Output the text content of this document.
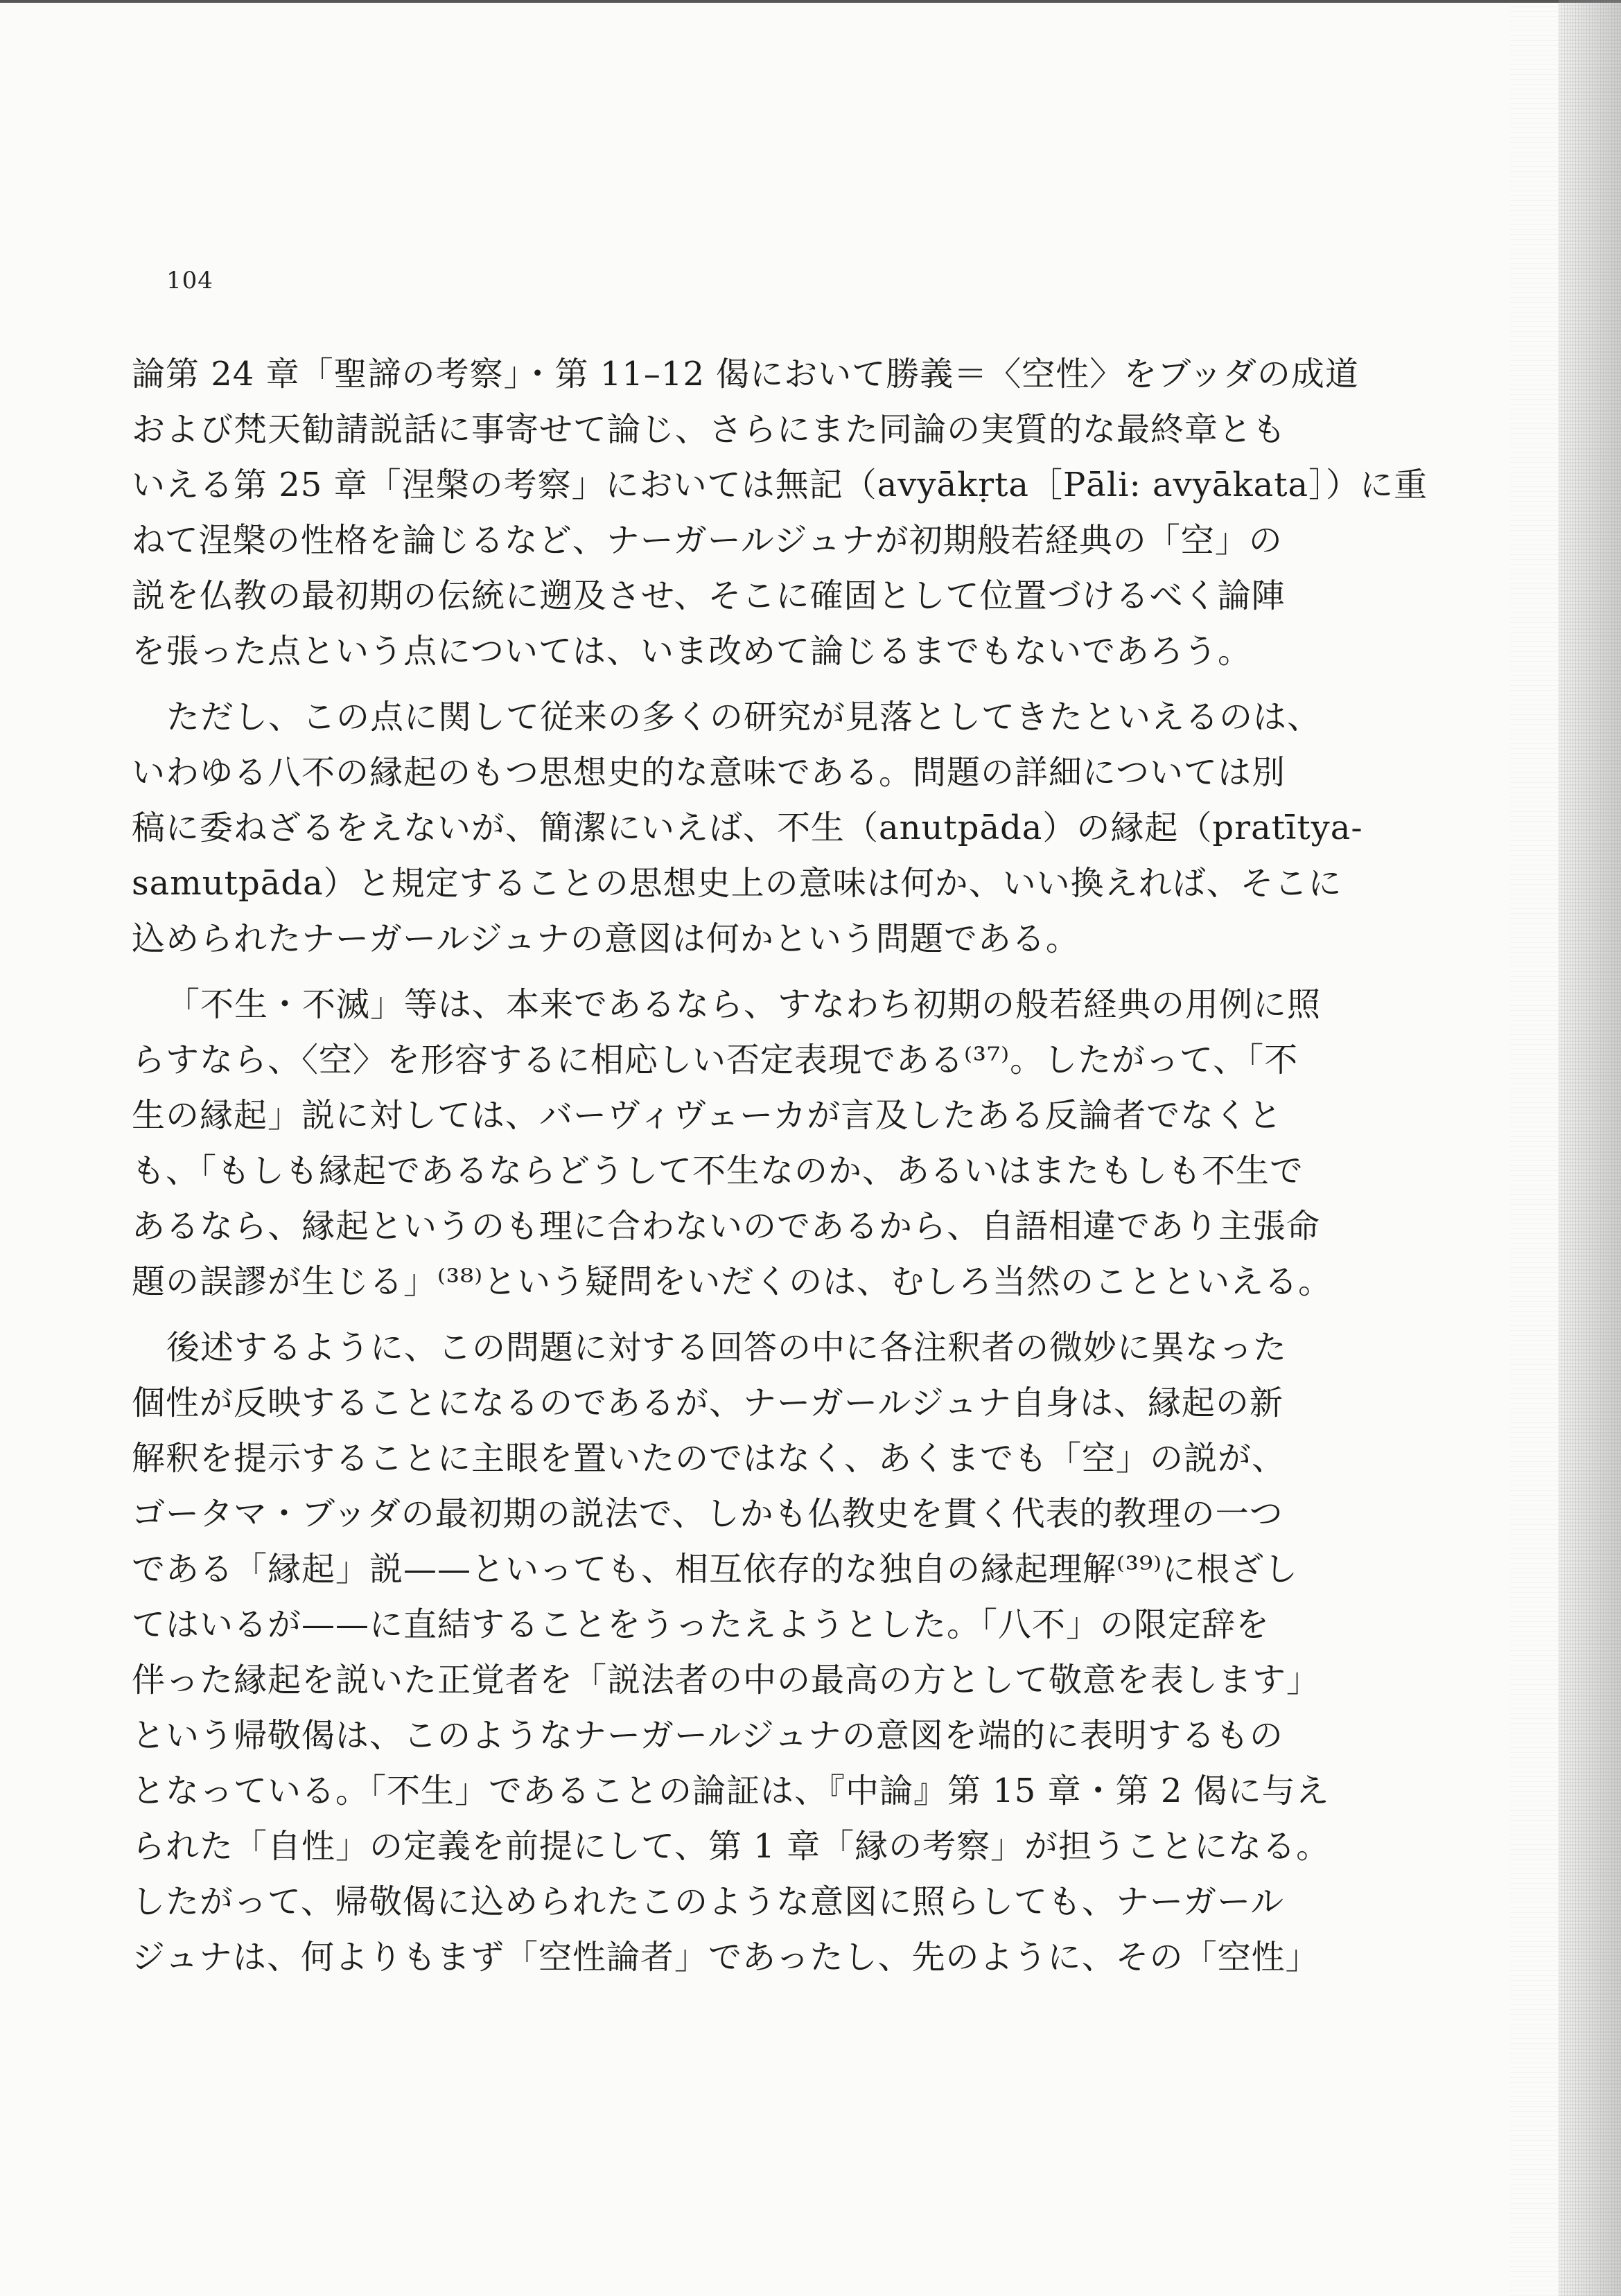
104
論第 24 章「聖諦の考察」・第 11–12 偈において勝義＝〈空性〉をブッダの成道
および梵天勧請説話に事寄せて論じ、さらにまた同論の実質的な最終章とも
いえる第 25 章「涅槃の考察」においては無記（avyākṛta［Pāli: avyākata］）に重
ねて涅槃の性格を論じるなど、ナーガールジュナが初期般若経典の「空」の
説を仏教の最初期の伝統に遡及させ、そこに確固として位置づけるべく論陣
を張った点という点については、いま改めて論じるまでもないであろう。
ただし、この点に関して従来の多くの研究が見落としてきたといえるのは、
いわゆる八不の縁起のもつ思想史的な意味である。問題の詳細については別
稿に委ねざるをえないが、簡潔にいえば、不生（anutpāda）の縁起（pratītya-
samutpāda）と規定することの思想史上の意味は何か、いい換えれば、そこに
込められたナーガールジュナの意図は何かという問題である。
「不生・不滅」等は、本来であるなら、すなわち初期の般若経典の用例に照
らすなら、〈空〉を形容するに相応しい否定表現である⁽³⁷⁾。したがって、「不
生の縁起」説に対しては、バーヴィヴェーカが言及したある反論者でなくと
も、「もしも縁起であるならどうして不生なのか、あるいはまたもしも不生で
あるなら、縁起というのも理に合わないのであるから、自語相違であり主張命
題の誤謬が生じる」⁽³⁸⁾という疑問をいだくのは、むしろ当然のことといえる。
後述するように、この問題に対する回答の中に各注釈者の微妙に異なった
個性が反映することになるのであるが、ナーガールジュナ自身は、縁起の新
解釈を提示することに主眼を置いたのではなく、あくまでも「空」の説が、
ゴータマ・ブッダの最初期の説法で、しかも仏教史を貫く代表的教理の一つ
である「縁起」説——といっても、相互依存的な独自の縁起理解⁽³⁹⁾に根ざし
てはいるが——に直結することをうったえようとした。「八不」の限定辞を
伴った縁起を説いた正覚者を「説法者の中の最高の方として敬意を表します」
という帰敬偈は、このようなナーガールジュナの意図を端的に表明するもの
となっている。「不生」であることの論証は、『中論』第 15 章・第 2 偈に与え
られた「自性」の定義を前提にして、第 1 章「縁の考察」が担うことになる。
したがって、帰敬偈に込められたこのような意図に照らしても、ナーガール
ジュナは、何よりもまず「空性論者」であったし、先のように、その「空性」
